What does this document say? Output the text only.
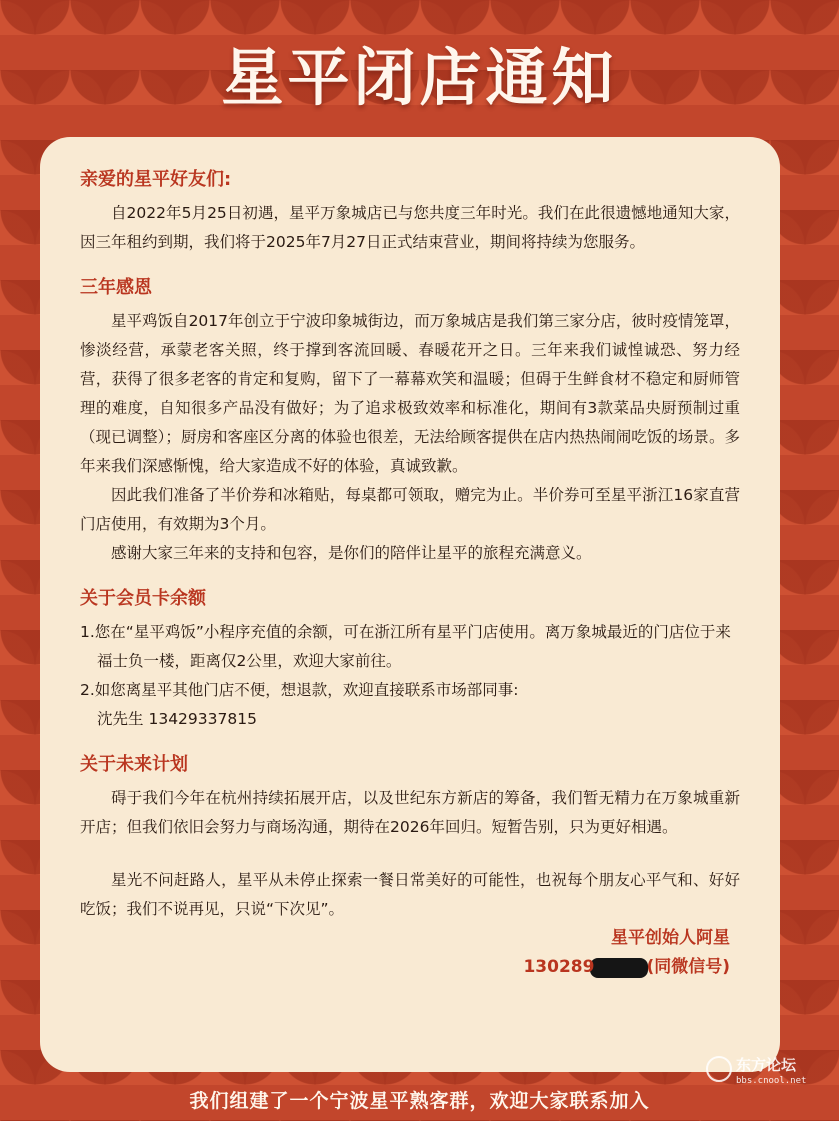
星平闭店通知
亲爱的星平好友们:

自2022年5月25日初遇，星平万象城店已与您共度三年时光。我们在此很遗憾地通知大家，因三年租约到期，我们将于2025年7月27日正式结束营业，期间将持续为您服务。

三年感恩

星平鸡饭自2017年创立于宁波印象城街边，而万象城店是我们第三家分店，彼时疫情笼罩，惨淡经营，承蒙老客关照，终于撑到客流回暖、春暖花开之日。三年来我们诚惶诚恐、努力经营，获得了很多老客的肯定和复购，留下了一幕幕欢笑和温暖；但碍于生鲜食材不稳定和厨师管理的难度，自知很多产品没有做好；为了追求极致效率和标准化，期间有3款菜品央厨预制过重（现已调整）；厨房和客座区分离的体验也很差，无法给顾客提供在店内热热闹闹吃饭的场景。多年来我们深感惭愧，给大家造成不好的体验，真诚致歉。

因此我们准备了半价券和冰箱贴，每桌都可领取，赠完为止。半价券可至星平浙江16家直营门店使用，有效期为3个月。

感谢大家三年来的支持和包容，是你们的陪伴让星平的旅程充满意义。

关于会员卡余额

1.您在“星平鸡饭”小程序充值的余额，可在浙江所有星平门店使用。离万象城最近的门店位于来福士负一楼，距离仅2公里，欢迎大家前往。

2.如您离星平其他门店不便，想退款，欢迎直接联系市场部同事:

沈先生 13429337815

关于未来计划

碍于我们今年在杭州持续拓展开店，以及世纪东方新店的筹备，我们暂无精力在万象城重新开店；但我们依旧会努力与商场沟通，期待在2026年回归。短暂告别，只为更好相遇。

星光不问赶路人，星平从未停止探索一餐日常美好的可能性，也祝每个朋友心平气和、好好吃饭；我们不说再见，只说“下次见”。

星平创始人阿星
130289	(同微信号)
我们组建了一个宁波星平熟客群，欢迎大家联系加入
东方论坛
bbs.cnool.net
